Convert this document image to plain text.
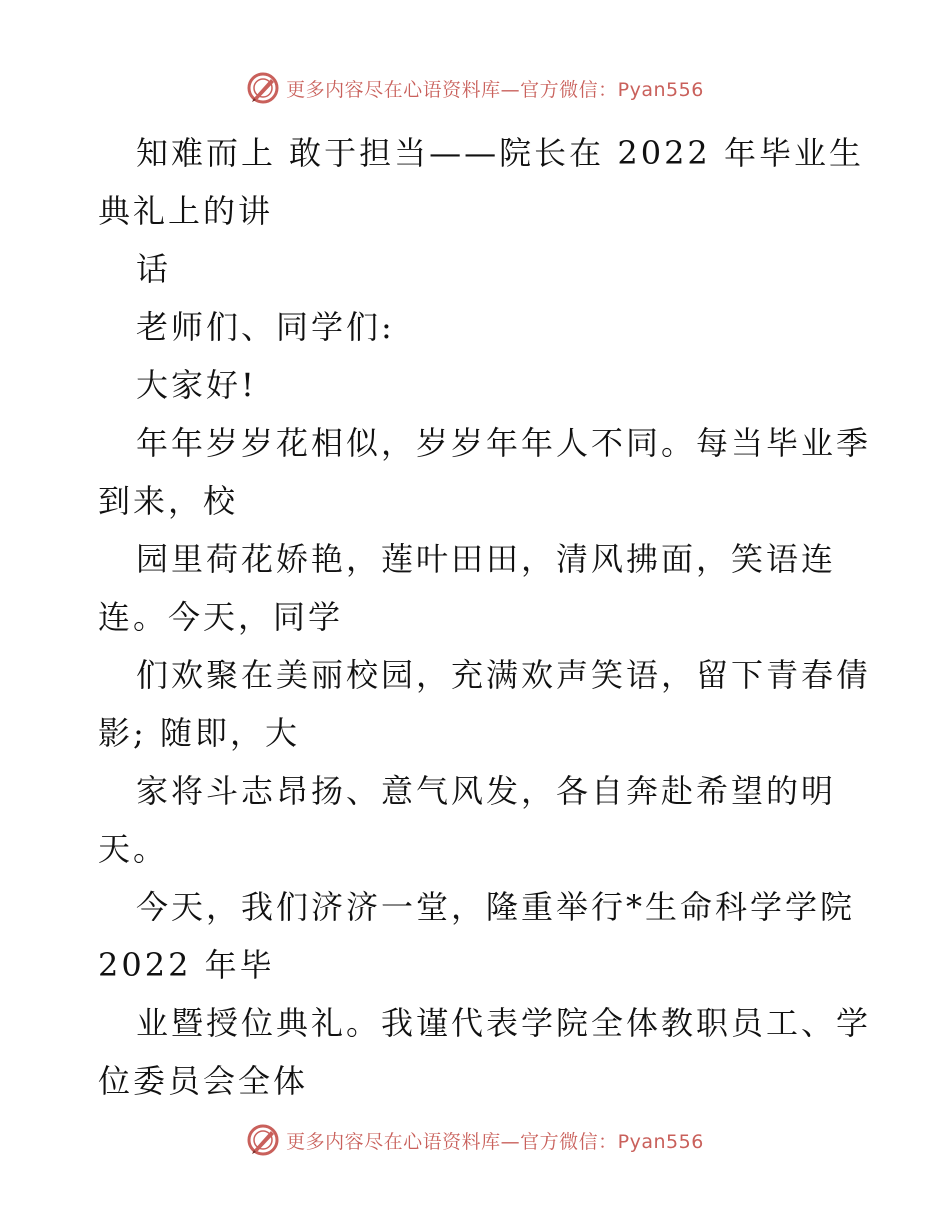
更多内容尽在心语资料库—官方微信：Pyan556
知难而上 敢于担当——院长在 2022 年毕业生
典礼上的讲
话
老师们、同学们:
大家好!
年年岁岁花相似，岁岁年年人不同。每当毕业季
到来，校
园里荷花娇艳，莲叶田田，清风拂面，笑语连
连。今天，同学
们欢聚在美丽校园，充满欢声笑语，留下青春倩
影; 随即，大
家将斗志昂扬、意气风发，各自奔赴希望的明
天。
今天，我们济济一堂，隆重举行*生命科学学院
2022 年毕
业暨授位典礼。我谨代表学院全体教职员工、学
位委员会全体
更多内容尽在心语资料库—官方微信：Pyan556
